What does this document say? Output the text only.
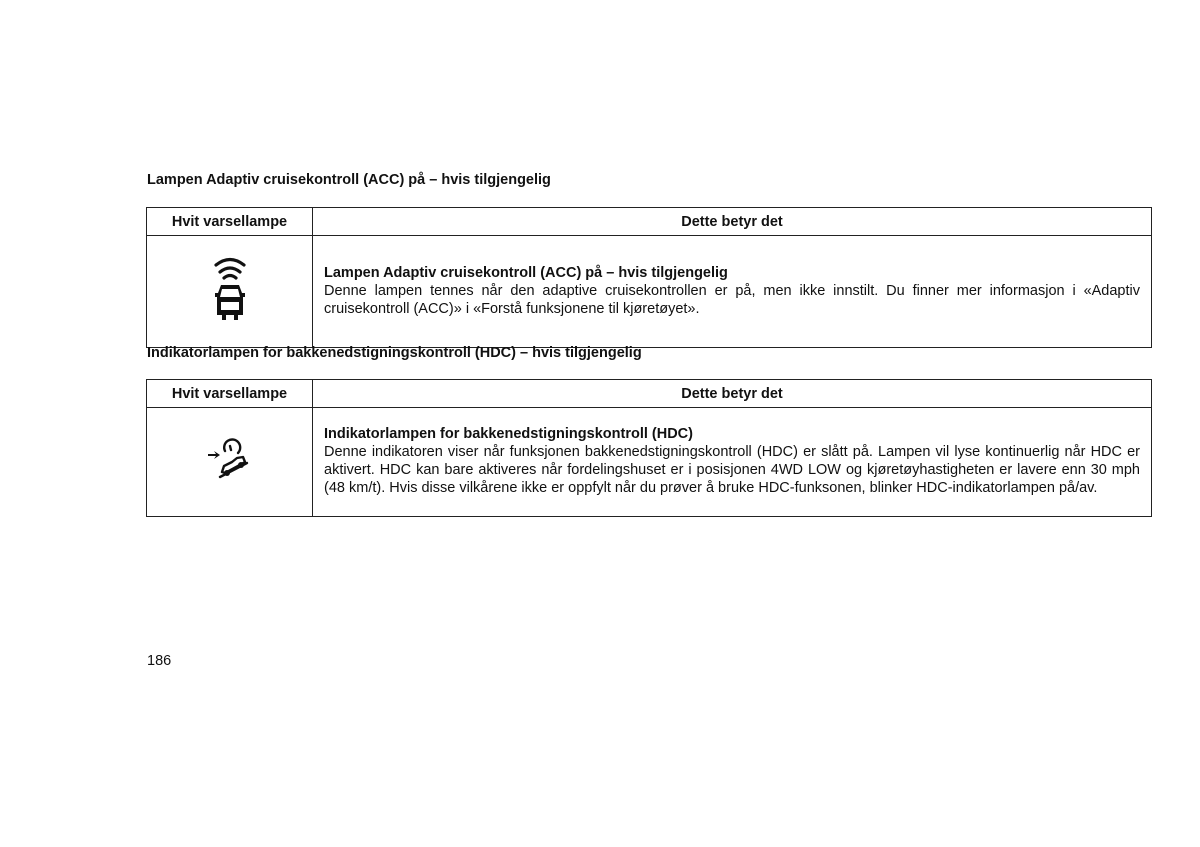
Lampen Adaptiv cruisekontroll (ACC) på – hvis tilgjengelig

Hvit varsellampe	Dette betyr det

Lampen Adaptiv cruisekontroll (ACC) på – hvis tilgjengelig
Denne lampen tennes når den adaptive cruisekontrollen er på, men ikke innstilt. Du finner mer informasjon i «Adaptiv cruisekontroll (ACC)» i «Forstå funksjonene til kjøretøyet».

Indikatorlampen for bakkenedstigningskontroll (HDC) – hvis tilgjengelig

Hvit varsellampe	Dette betyr det

Indikatorlampen for bakkenedstigningskontroll (HDC)
Denne indikatoren viser når funksjonen bakkenedstigningskontroll (HDC) er slått på. Lampen vil lyse kontinuerlig når HDC er aktivert. HDC kan bare aktiveres når fordelingshuset er i posisjonen 4WD LOW og kjøretøyhastigheten er lavere enn 30 mph (48 km/t). Hvis disse vilkårene ikke er oppfylt når du prøver å bruke HDC-funksonen, blinker HDC-indikatorlampen på/av.

186
